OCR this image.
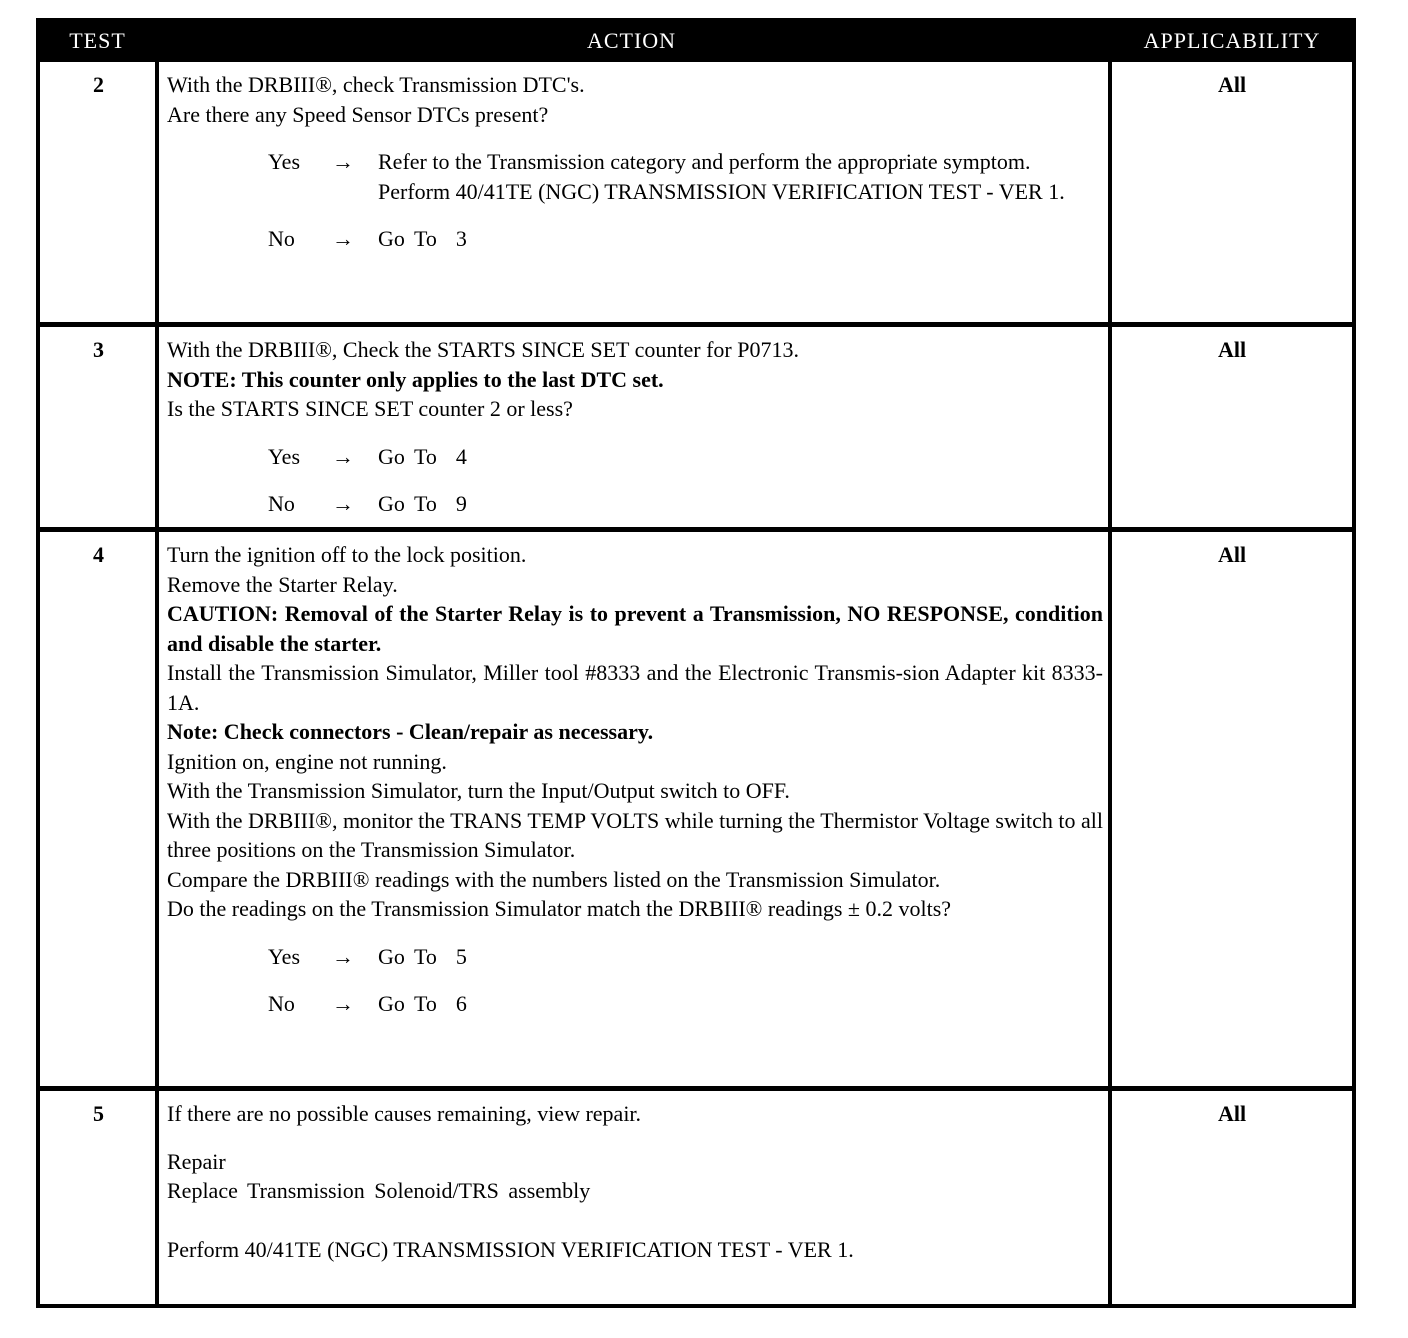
TEST	ACTION	APPLICABILITY
2	With the DRBIII®, check Transmission DTC's.

Are there any Speed Sensor DTCs present?

Yes → Refer to the Transmission category and perform the appropriate symptom.

Perform 40/41TE (NGC) TRANSMISSION VERIFICATION TEST - VER 1.

No → Go To  3
All
3	With the DRBIII®, Check the STARTS SINCE SET counter for P0713.

NOTE: This counter only applies to the last DTC set.

Is the STARTS SINCE SET counter 2 or less?

Yes → Go To  4
No → Go To  9
All
4	Turn the ignition off to the lock position.

Remove the Starter Relay.

CAUTION: Removal of the Starter Relay is to prevent a Transmission, NO RESPONSE, condition and disable the starter.

Install the Transmission Simulator, Miller tool #8333 and the Electronic Transmis-sion Adapter kit 8333-1A.

Note: Check connectors - Clean/repair as necessary.

Ignition on, engine not running.

With the Transmission Simulator, turn the Input/Output switch to OFF.

With the DRBIII®, monitor the TRANS TEMP VOLTS while turning the Thermistor Voltage switch to all three positions on the Transmission Simulator.

Compare the DRBIII® readings with the numbers listed on the Transmission Simulator.

Do the readings on the Transmission Simulator match the DRBIII® readings ± 0.2 volts?

Yes → Go To  5
No → Go To  6
All
5	If there are no possible causes remaining, view repair.

Repair

Replace Transmission Solenoid/TRS assembly

Perform 40/41TE (NGC) TRANSMISSION VERIFICATION TEST - VER 1.

All
